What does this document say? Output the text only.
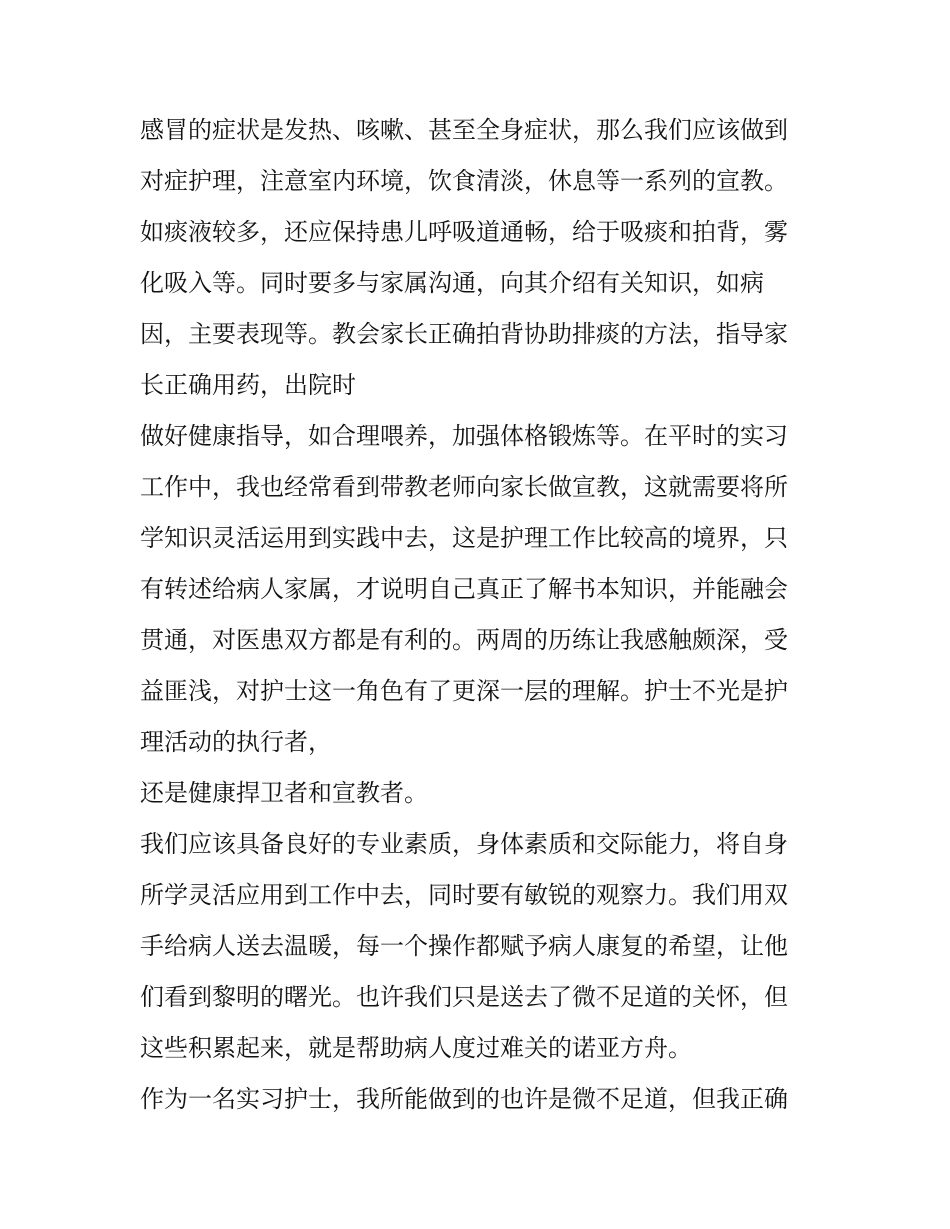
感冒的症状是发热、咳嗽、甚至全身症状，那么我们应该做到
对症护理，注意室内环境，饮食清淡，休息等一系列的宣教。
如痰液较多，还应保持患儿呼吸道通畅，给于吸痰和拍背，雾
化吸入等。同时要多与家属沟通，向其介绍有关知识，如病
因，主要表现等。教会家长正确拍背协助排痰的方法，指导家
长正确用药，出院时
做好健康指导，如合理喂养，加强体格锻炼等。在平时的实习
工作中，我也经常看到带教老师向家长做宣教，这就需要将所
学知识灵活运用到实践中去，这是护理工作比较高的境界，只
有转述给病人家属，才说明自己真正了解书本知识，并能融会
贯通，对医患双方都是有利的。两周的历练让我感触颇深，受
益匪浅，对护士这一角色有了更深一层的理解。护士不光是护
理活动的执行者，
还是健康捍卫者和宣教者。
我们应该具备良好的专业素质，身体素质和交际能力，将自身
所学灵活应用到工作中去，同时要有敏锐的观察力。我们用双
手给病人送去温暖，每一个操作都赋予病人康复的希望，让他
们看到黎明的曙光。也许我们只是送去了微不足道的关怀，但
这些积累起来，就是帮助病人度过难关的诺亚方舟。
作为一名实习护士，我所能做到的也许是微不足道，但我正确
